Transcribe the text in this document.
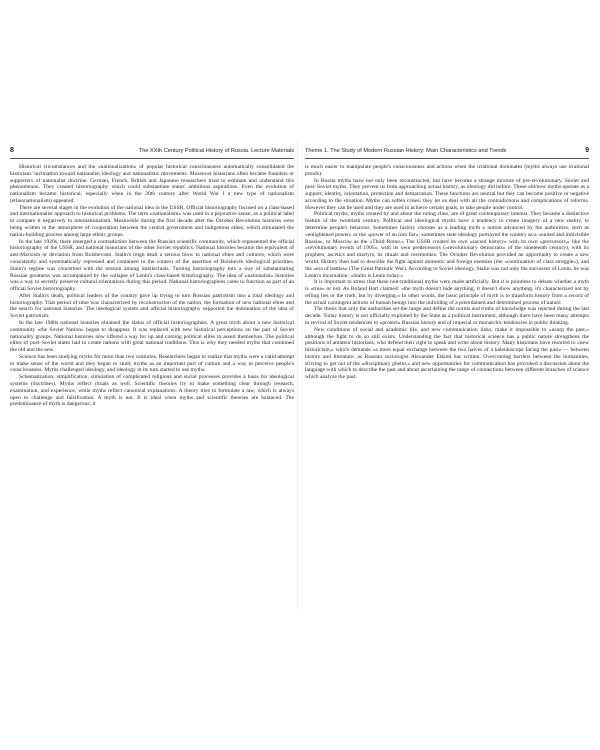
8	The XXth Century Political History of Russia. Lecture Materials

Historical circumstances and the «nationalization» of popular historical consciousness automatically consolidated the historians' inclination toward nationalist ideology and nationalistic movements. Moreover historians often became founders or supporters of nationalist doctrine. German, French, British and Japanese researchers tried to estimate and understand this phenomenon. They created historiography which could substantiate states' ambitious aspirations. Even the evolution of nationalism became historical, especially when in the 20th century after World War I a new type of nationalism (ethnonationalism) appeared.

There are several stages in the evolution of the national idea in the USSR. Official historiography focused on a class-based and internationalist approach to historical problems. The term «nationalism» was used in a pejorative sense, as a political label to compare it negatively to internationalism. Meanwhile during the first decade after the October Revolution histories were being written in the atmosphere of cooperation between the central government and indigenous elites, which stimulated the nation-building process among large ethnic groups.

In the late 1920s, there emerged a contradiction between the Russian scientific community, which represented the official historiography of the USSR, and national historians of the other Soviet republics. National histories became the equivalent of anti-Marxism or deviation from Bolshevism. Stalin's reign dealt a serious blow to national elites and cultures, which were consistently and systematically repressed and contained in the context of the assertion of Bolshevik ideological priorities. Stalin's regime was concerned with the tension among intellectuals. Turning historiography into a way of substantiating Russian greatness was accompanied by the collapse of Lenin's class-based historiography. The idea of «nationalist» histories was a way to secretly preserve cultural orientations during this period. National historiographies came to function as part of an official Soviet historiography.

After Stalin's death, political leaders of the country gave up trying to turn Russian patriotism into a total ideology and historiography. That period of time was characterized by reconstruction of the nation, the formation of new national elites and the search for national histories. The ideological system and official historiography supported the domination of the idea of Soviet patriotism.

In the late 1980s national histories obtained the status of official historiographies. A great myth about a new historical community «the Soviet Nation» began to disappear. It was replaced with new historical perceptions on the part of Soviet nationality groups. National histories now offered a way for up and coming political elites to assert themselves. The political elites of post–Soviet states had to create nations with great national traditions. This is why they needed myths that combined the old and the new.

Science has been studying myths for more than two centuries. Researchers began to realize that myths were a valid attempt to make sense of the world and they began to study myths as an important part of culture and a way to perceive people's consciousness. Myths challenged ideology, and ideology in its turn started to use myths.

Schematization, simplification, simulation of complicated religious and social processes provides a basis for ideological systems (doctrines). Myths reflect rituals as well. Scientific theories try to make something clear through research, examination, and experience, while myths reflect canonical explanations. A theory tries to formulate a law, which is always open to challenge and falsification. A myth is not. It is ideal when myths and scientific theories are balanced. The predominance of myth is dangerous: it

Theme 1. The Study of Modern Russian History: Main Characteristics and Trends	9

is much easier to manipulate people's consciousness and actions when the irrational dominates (myths always use irrational proofs).

In Russia myths have not only been reconstructed, but have become a strange mixture of pre-revolutionary, Soviet and post–Soviet myths. They prevent us from approaching actual history, as ideology did before. These old/new myths operate as a support, identity, orientation, protection and demarcation. These functions are neutral but they can become positive or negative according to the situation. Myths can soften crises; they let us deal with all the contradictions and complications of reforms. However they can be used and they are used to achieve certain goals, to take people under control.

Political myths, myths created by and about the ruling class, are of great contemporary interest. They became a distinctive feature of the twentieth century. Political and ideological myths have a tendency to create imagery of a new reality, to determine people's behavior. Sometimes history chooses as a leading myth a notion advanced by the authorities, such as «enlightened power» or the «power of an iron fist»; sometimes state ideology portrayed the country as a «united and indivisible Russia», or Moscow as the «Third Rome.» The USSR created its own «sacred history» with its own «precursors,» like the «revolutionary events of 1905», with its own predecessors («revolutionary democrats» of the nineteenth century), with its prophets, ascetics and martyrs, its rituals and ceremonies. The October Revolution provided an opportunity to create a new world. History then had to describe the fight against domestic and foreign enemies (the «continuation of class struggle»), and the «era of battles» (The Great Patriotic War). According to Soviet ideology, Stalin was not only the successor of Lenin, he was Lenin's incarnation: «Stalin is Lenin today.»

It is important to stress that these non-traditional myths were made artificially. But it is pointless to debate whether a myth is «true» or not. As Roland Bart claimed: «the myth doesn't hide anything, it doesn't show anything, it's characterized not by telling lies or the truth, but by diverging.» In other words, the basic principle of myth is to transform history from a record of the actual contingent actions of human beings into the unfolding of a preordained and determined process of nature.

The thesis that only the authorities set the range and define the norms and truths of knowledge was rejected during the last decade. Today history is not officially exploited by the State as a political instrument, although there have been many attempts to revival of Soviet tendencies to «protect» Russian history and of imperial or monarchic tendencies in public thinking.

New conditions of social and academic life, and new communication links, make it impossible to «usurp the past,» although the fight to do so still exists. Understanding the fact that historical science has a public nature strengthens the positions of amateur historians, who defend their right to speak and write about history. Many historians have resorted to «new historicism,» which demands «a more equal exchange between the two halves of a kaleidoscope facing the past» — between history and literature, as Russian sociologist Alexander Etkind has written. Overcoming barriers between the humanities, striving to get out of the «disciplinary ghetto,» and new opportunities for communication has provoked a discussion about the language with which to describe the past and about ascertaining the range of connections between different branches of science which analyze the past.
